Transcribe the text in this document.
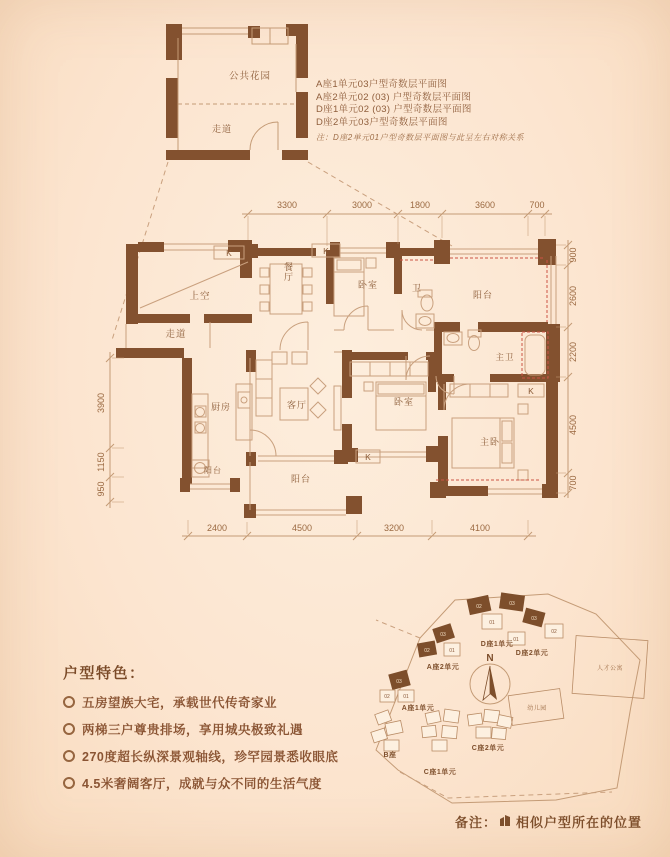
公共花园
走道
K	K
K
K
上空
走道
餐厅
卧室	卫
阳台
主卫
厨房	客厅
阳台
卧室
主卧
阳台
3300	3000	1800	3600	700
2400	4500	3200	4100
3900
1150
950
900
2600
2200
4500
700
N
02	03
01
03
01
02
03
02	01
03
02	01
D座1单元
D座2单元
A座2单元
A座1单元
B座
C座1单元
C座2单元
人才公寓
幼儿园
A座1单元03户型奇数层平面图
A座2单元02 (03) 户型奇数层平面图
D座1单元02 (03) 户型奇数层平面图
D座2单元03户型奇数层平面图
注：D座2单元01户型奇数层平面图与此呈左右对称关系
户型特色：
五房望族大宅，承载世代传奇家业
两梯三户尊贵排场，享用城央极致礼遇
270度超长纵深景观轴线，珍罕园景悉收眼底
4.5米奢阔客厅，成就与众不同的生活气度
备注： 相似户型所在的位置
